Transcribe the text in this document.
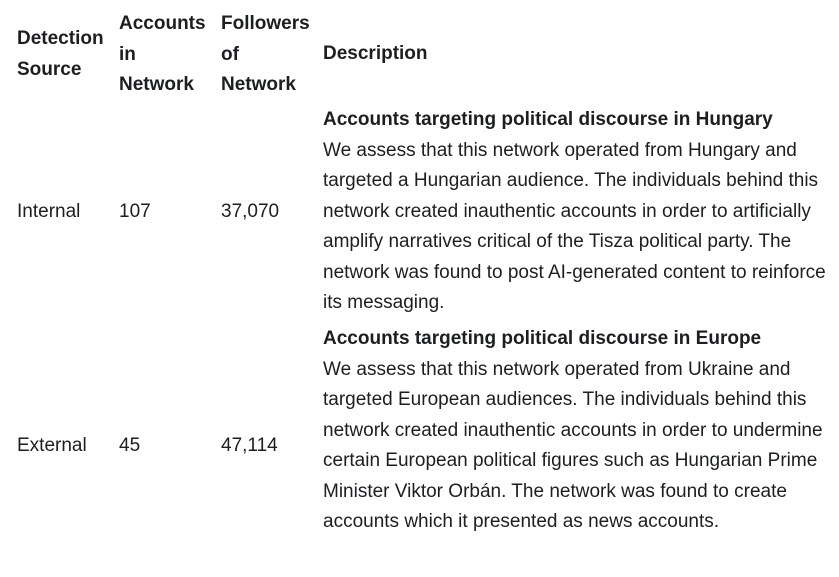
Detection
Source
Accounts
in
Network
Followers
of
Network
Description
Internal 107	37,070
Accounts targeting political discourse in Hungary
We assess that this network operated from Hungary and targeted a Hungarian audience. The individuals behind this network created inauthentic accounts in order to artificially amplify narratives critical of the Tisza political party. The network was found to post AI-generated content to reinforce its messaging.
External 45	47,114
Accounts targeting political discourse in Europe
We assess that this network operated from Ukraine and targeted European audiences. The individuals behind this network created inauthentic accounts in order to undermine certain European political figures such as Hungarian Prime Minister Viktor Orbán. The network was found to create accounts which it presented as news accounts.
